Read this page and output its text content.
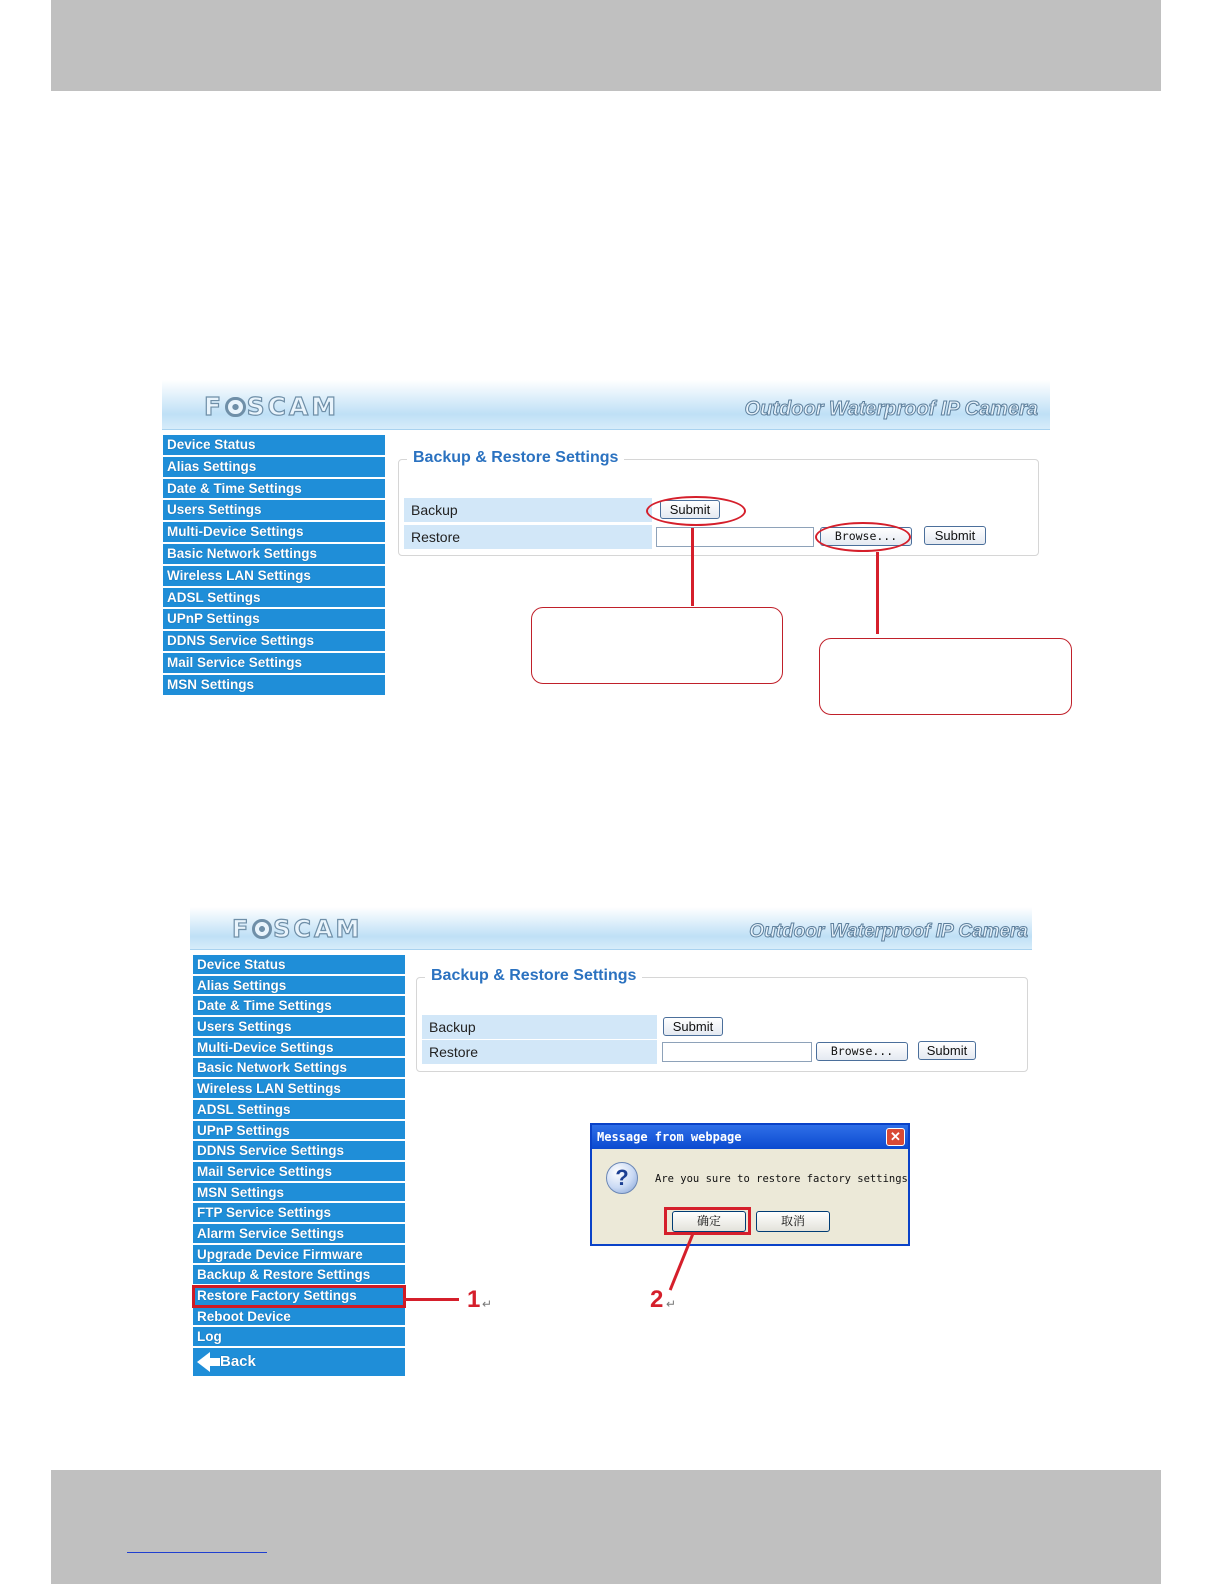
F SCAM	Outdoor Waterproof IP Camera
Device Status
Alias Settings
Date & Time Settings
Users Settings
Multi-Device Settings
Basic Network Settings
Wireless LAN Settings
ADSL Settings
UPnP Settings
DDNS Service Settings
Mail Service Settings
MSN Settings
Backup & Restore Settings
Backup	Submit
Restore	Browse...	Submit
F SCAM	Outdoor Waterproof IP Camera
Device Status
Alias Settings
Date & Time Settings
Users Settings
Multi-Device Settings
Basic Network Settings
Wireless LAN Settings
ADSL Settings
UPnP Settings
DDNS Service Settings
Mail Service Settings
MSN Settings
FTP Service Settings
Alarm Service Settings
Upgrade Device Firmware
Backup & Restore Settings
Restore Factory Settings
Reboot Device
Log
Back
Backup & Restore Settings
Backup	Submit
Restore	Browse...	Submit
Message from webpage	✕
?	Are you sure to restore factory settings
确定	取消
1 ↵	2 ↵
